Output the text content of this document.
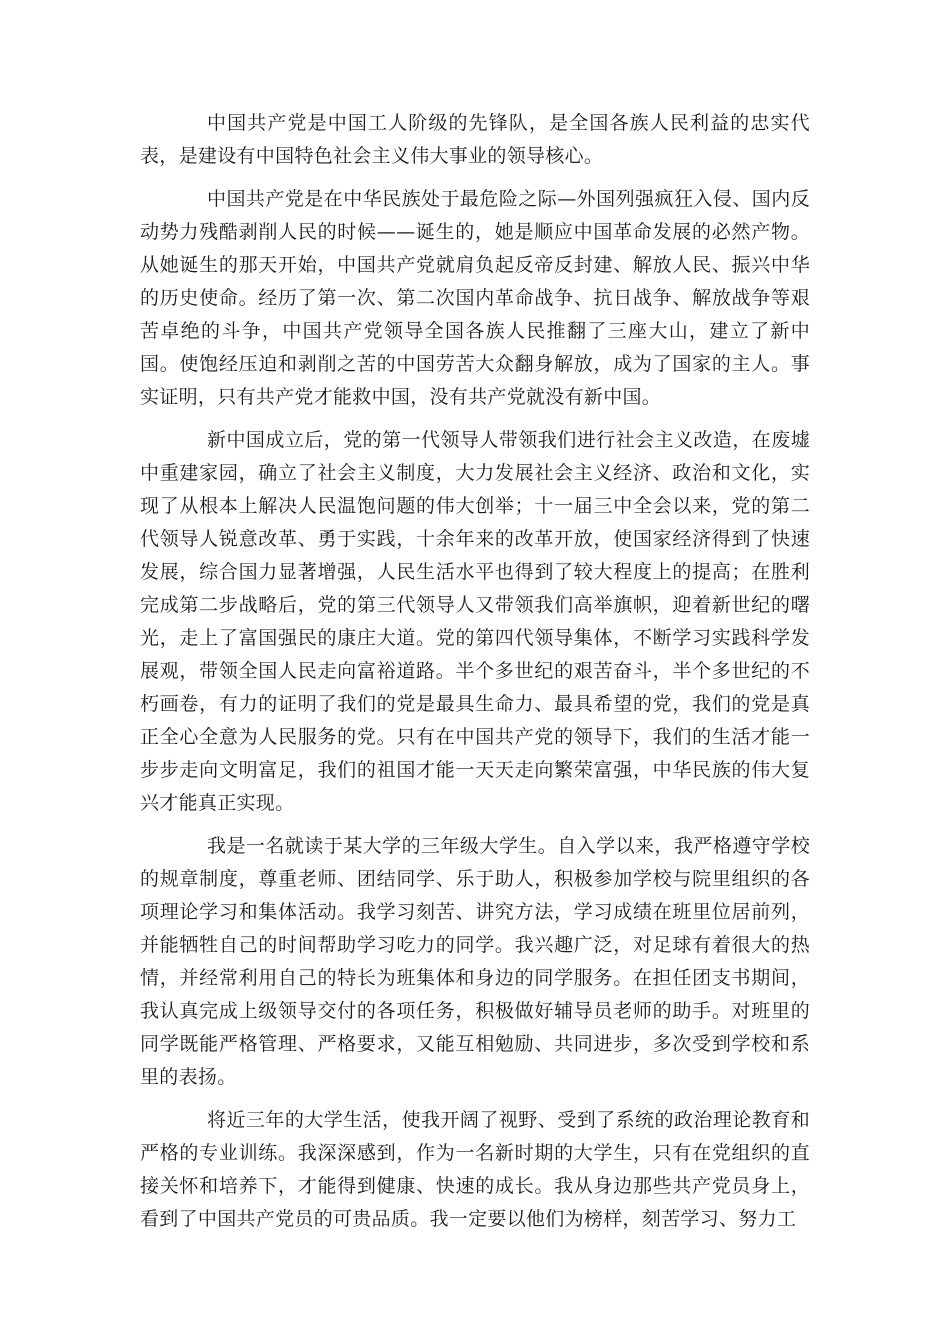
中国共产党是中国工人阶级的先锋队，是全国各族人民利益的忠实代表，是建设有中国特色社会主义伟大事业的领导核心。

中国共产党是在中华民族处于最危险之际—外国列强疯狂入侵、国内反动势力残酷剥削人民的时候——诞生的，她是顺应中国革命发展的必然产物。从她诞生的那天开始，中国共产党就肩负起反帝反封建、解放人民、振兴中华的历史使命。经历了第一次、第二次国内革命战争、抗日战争、解放战争等艰苦卓绝的斗争，中国共产党领导全国各族人民推翻了三座大山，建立了新中国。使饱经压迫和剥削之苦的中国劳苦大众翻身解放，成为了国家的主人。事实证明，只有共产党才能救中国，没有共产党就没有新中国。

新中国成立后，党的第一代领导人带领我们进行社会主义改造，在废墟中重建家园，确立了社会主义制度，大力发展社会主义经济、政治和文化，实现了从根本上解决人民温饱问题的伟大创举；十一届三中全会以来，党的第二代领导人锐意改革、勇于实践，十余年来的改革开放，使国家经济得到了快速发展，综合国力显著增强，人民生活水平也得到了较大程度上的提高；在胜利完成第二步战略后，党的第三代领导人又带领我们高举旗帜，迎着新世纪的曙光，走上了富国强民的康庄大道。党的第四代领导集体，不断学习实践科学发展观，带领全国人民走向富裕道路。半个多世纪的艰苦奋斗，半个多世纪的不朽画卷，有力的证明了我们的党是最具生命力、最具希望的党，我们的党是真正全心全意为人民服务的党。只有在中国共产党的领导下，我们的生活才能一步步走向文明富足，我们的祖国才能一天天走向繁荣富强，中华民族的伟大复兴才能真正实现。

我是一名就读于某大学的三年级大学生。自入学以来，我严格遵守学校的规章制度，尊重老师、团结同学、乐于助人，积极参加学校与院里组织的各项理论学习和集体活动。我学习刻苦、讲究方法，学习成绩在班里位居前列，并能牺牲自己的时间帮助学习吃力的同学。我兴趣广泛，对足球有着很大的热情，并经常利用自己的特长为班集体和身边的同学服务。在担任团支书期间，我认真完成上级领导交付的各项任务，积极做好辅导员老师的助手。对班里的同学既能严格管理、严格要求，又能互相勉励、共同进步，多次受到学校和系里的表扬。

将近三年的大学生活，使我开阔了视野、受到了系统的政治理论教育和严格的专业训练。我深深感到，作为一名新时期的大学生，只有在党组织的直接关怀和培养下，才能得到健康、快速的成长。我从身边那些共产党员身上，看到了中国共产党员的可贵品质。我一定要以他们为榜样，刻苦学习、努力工
